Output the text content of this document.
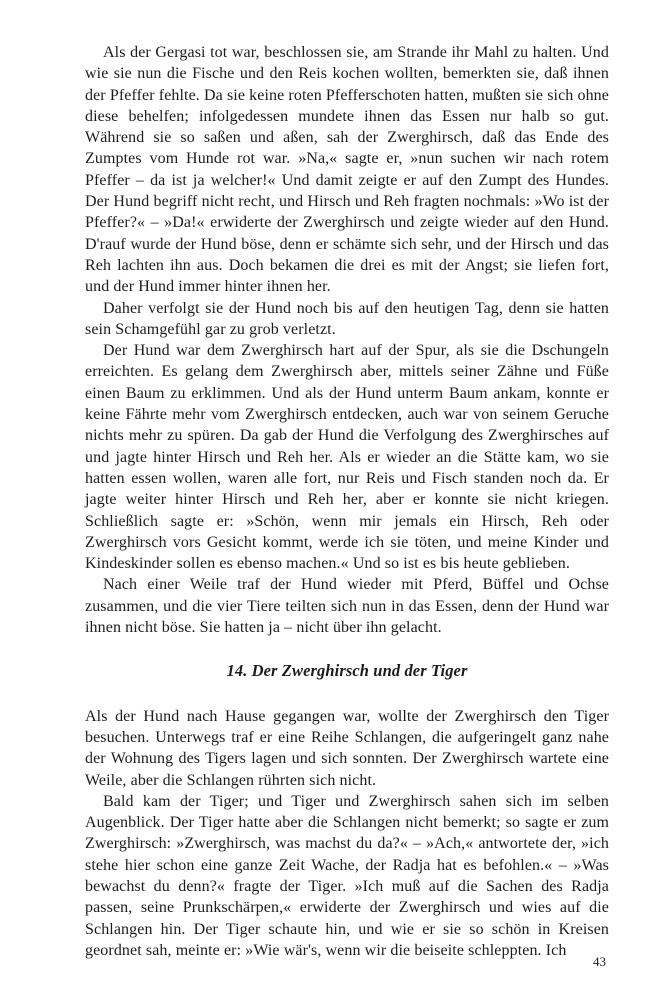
Als der Gergasi tot war, beschlossen sie, am Strande ihr Mahl zu halten. Und wie sie nun die Fische und den Reis kochen wollten, bemerkten sie, daß ihnen der Pfeffer fehlte. Da sie keine roten Pfefferschoten hatten, mußten sie sich ohne diese behelfen; infolgedessen mundete ihnen das Essen nur halb so gut. Während sie so saßen und aßen, sah der Zwerghirsch, daß das Ende des Zumptes vom Hunde rot war. »Na,« sagte er, »nun suchen wir nach rotem Pfeffer – da ist ja welcher!« Und damit zeigte er auf den Zumpt des Hundes. Der Hund begriff nicht recht, und Hirsch und Reh fragten nochmals: »Wo ist der Pfeffer?« – »Da!« erwiderte der Zwerghirsch und zeigte wieder auf den Hund. D'rauf wurde der Hund böse, denn er schämte sich sehr, und der Hirsch und das Reh lachten ihn aus. Doch bekamen die drei es mit der Angst; sie liefen fort, und der Hund immer hinter ihnen her.

Daher verfolgt sie der Hund noch bis auf den heutigen Tag, denn sie hatten sein Schamgefühl gar zu grob verletzt.

Der Hund war dem Zwerghirsch hart auf der Spur, als sie die Dschungeln erreichten. Es gelang dem Zwerghirsch aber, mittels seiner Zähne und Füße einen Baum zu erklimmen. Und als der Hund unterm Baum ankam, konnte er keine Fährte mehr vom Zwerghirsch entdecken, auch war von seinem Geruche nichts mehr zu spüren. Da gab der Hund die Verfolgung des Zwerghirsches auf und jagte hinter Hirsch und Reh her. Als er wieder an die Stätte kam, wo sie hatten essen wollen, waren alle fort, nur Reis und Fisch standen noch da. Er jagte weiter hinter Hirsch und Reh her, aber er konnte sie nicht kriegen. Schließlich sagte er: »Schön, wenn mir jemals ein Hirsch, Reh oder Zwerghirsch vors Gesicht kommt, werde ich sie töten, und meine Kinder und Kindeskinder sollen es ebenso machen.« Und so ist es bis heute geblieben.

Nach einer Weile traf der Hund wieder mit Pferd, Büffel und Ochse zusammen, und die vier Tiere teilten sich nun in das Essen, denn der Hund war ihnen nicht böse. Sie hatten ja – nicht über ihn gelacht.

14. Der Zwerghirsch und der Tiger

Als der Hund nach Hause gegangen war, wollte der Zwerghirsch den Tiger besuchen. Unterwegs traf er eine Reihe Schlangen, die aufgeringelt ganz nahe der Wohnung des Tigers lagen und sich sonnten. Der Zwerghirsch wartete eine Weile, aber die Schlangen rührten sich nicht.

Bald kam der Tiger; und Tiger und Zwerghirsch sahen sich im selben Augenblick. Der Tiger hatte aber die Schlangen nicht bemerkt; so sagte er zum Zwerghirsch: »Zwerghirsch, was machst du da?« – »Ach,« antwortete der, »ich stehe hier schon eine ganze Zeit Wache, der Radja hat es befohlen.« – »Was bewachst du denn?« fragte der Tiger. »Ich muß auf die Sachen des Radja passen, seine Prunkschärpen,« erwiderte der Zwerghirsch und wies auf die Schlangen hin. Der Tiger schaute hin, und wie er sie so schön in Kreisen geordnet sah, meinte er: »Wie wär's, wenn wir die beiseite schleppten. Ich

43
